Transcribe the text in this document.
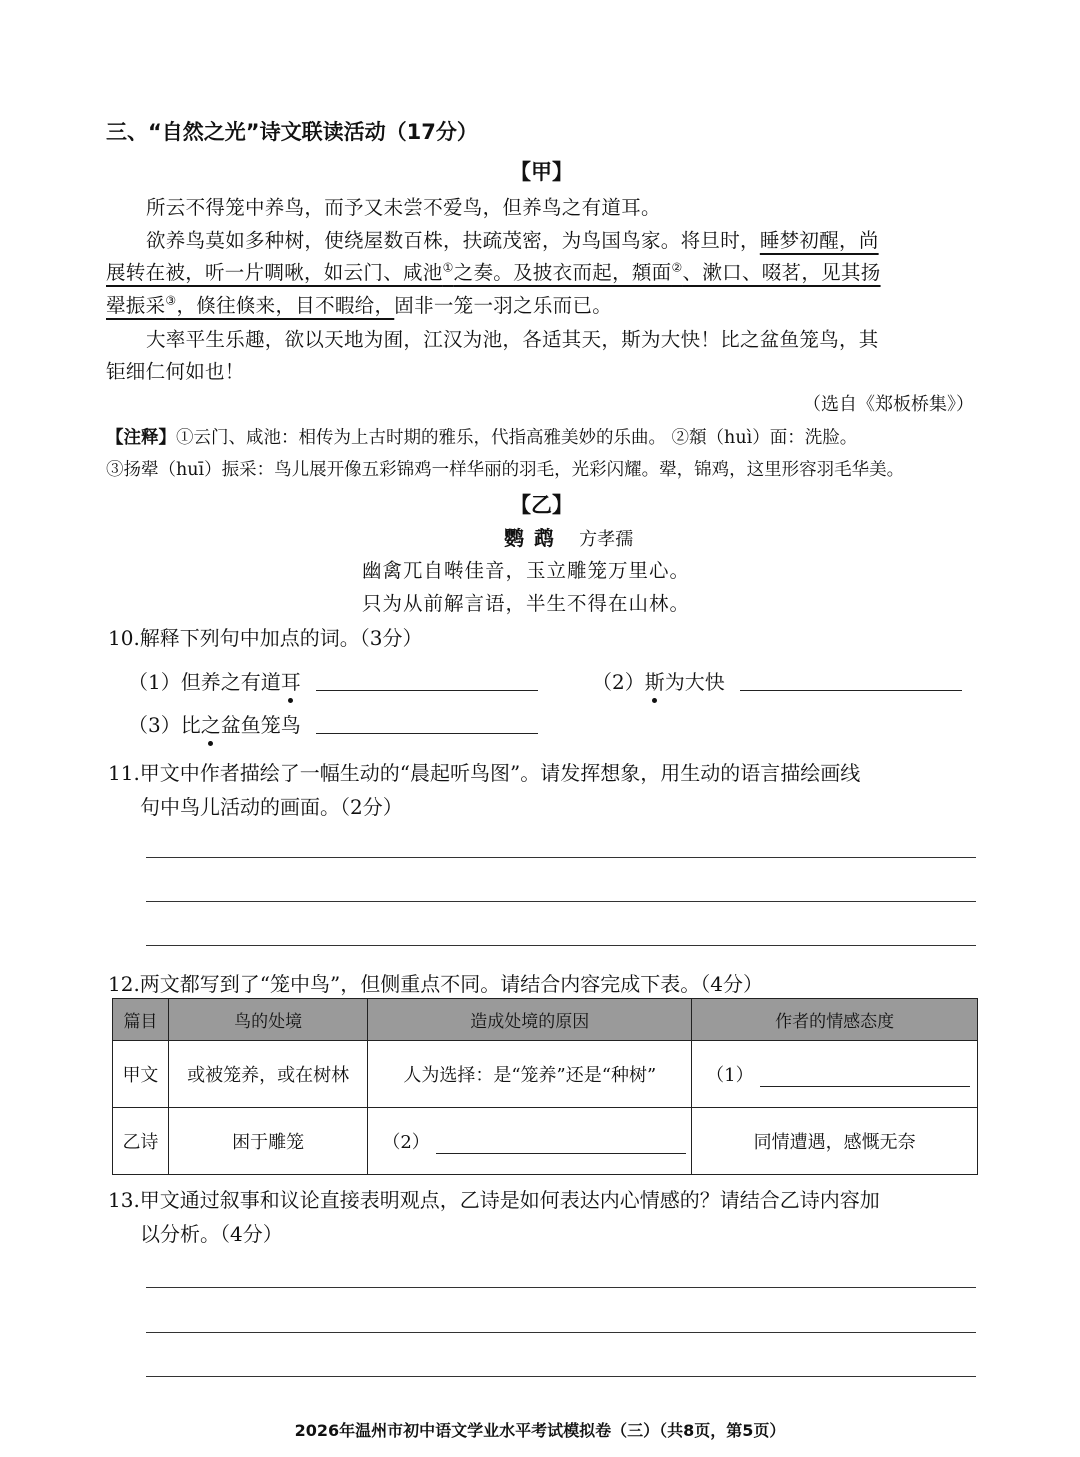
三、“自然之光”诗文联读活动（17分）
【甲】
所云不得笼中养鸟，而予又未尝不爱鸟，但养鸟之有道耳。
欲养鸟莫如多种树，使绕屋数百株，扶疏茂密，为鸟国鸟家。将旦时，睡梦初醒，尚
展转在被，听一片啁啾，如云门、咸池①之奏。及披衣而起，頮面②、漱口、啜茗，见其扬
翚振采③，倏往倏来，目不暇给，固非一笼一羽之乐而已。
大率平生乐趣，欲以天地为囿，江汉为池，各适其天，斯为大快！比之盆鱼笼鸟，其
钜细仁何如也！
（选自《郑板桥集》）
【注释】①云门、咸池：相传为上古时期的雅乐，代指高雅美妙的乐曲。 ②頮（huì）面：洗脸。
③扬翚（huī）振采：鸟儿展开像五彩锦鸡一样华丽的羽毛，光彩闪耀。翚，锦鸡，这里形容羽毛华美。
【乙】
鹦鹉 方孝孺
幽禽兀自啭佳音，玉立雕笼万里心。
只为从前解言语，半生不得在山林。
10.解释下列句中加点的词。（3分）
（1）但养之有道耳	（2）斯为大快
（3）比之盆鱼笼鸟
11.甲文中作者描绘了一幅生动的“晨起听鸟图”。请发挥想象，用生动的语言描绘画线
句中鸟儿活动的画面。（2分）
12.两文都写到了“笼中鸟”，但侧重点不同。请结合内容完成下表。（4分）
篇目	鸟的处境	造成处境的原因	作者的情感态度
甲文	或被笼养，或在树林	人为选择：是“笼养”还是“种树”	（1）
乙诗	困于雕笼	（2）	同情遭遇，感慨无奈
13.甲文通过叙事和议论直接表明观点，乙诗是如何表达内心情感的？请结合乙诗内容加
以分析。（4分）
2026年温州市初中语文学业水平考试模拟卷（三）（共8页，第5页）
